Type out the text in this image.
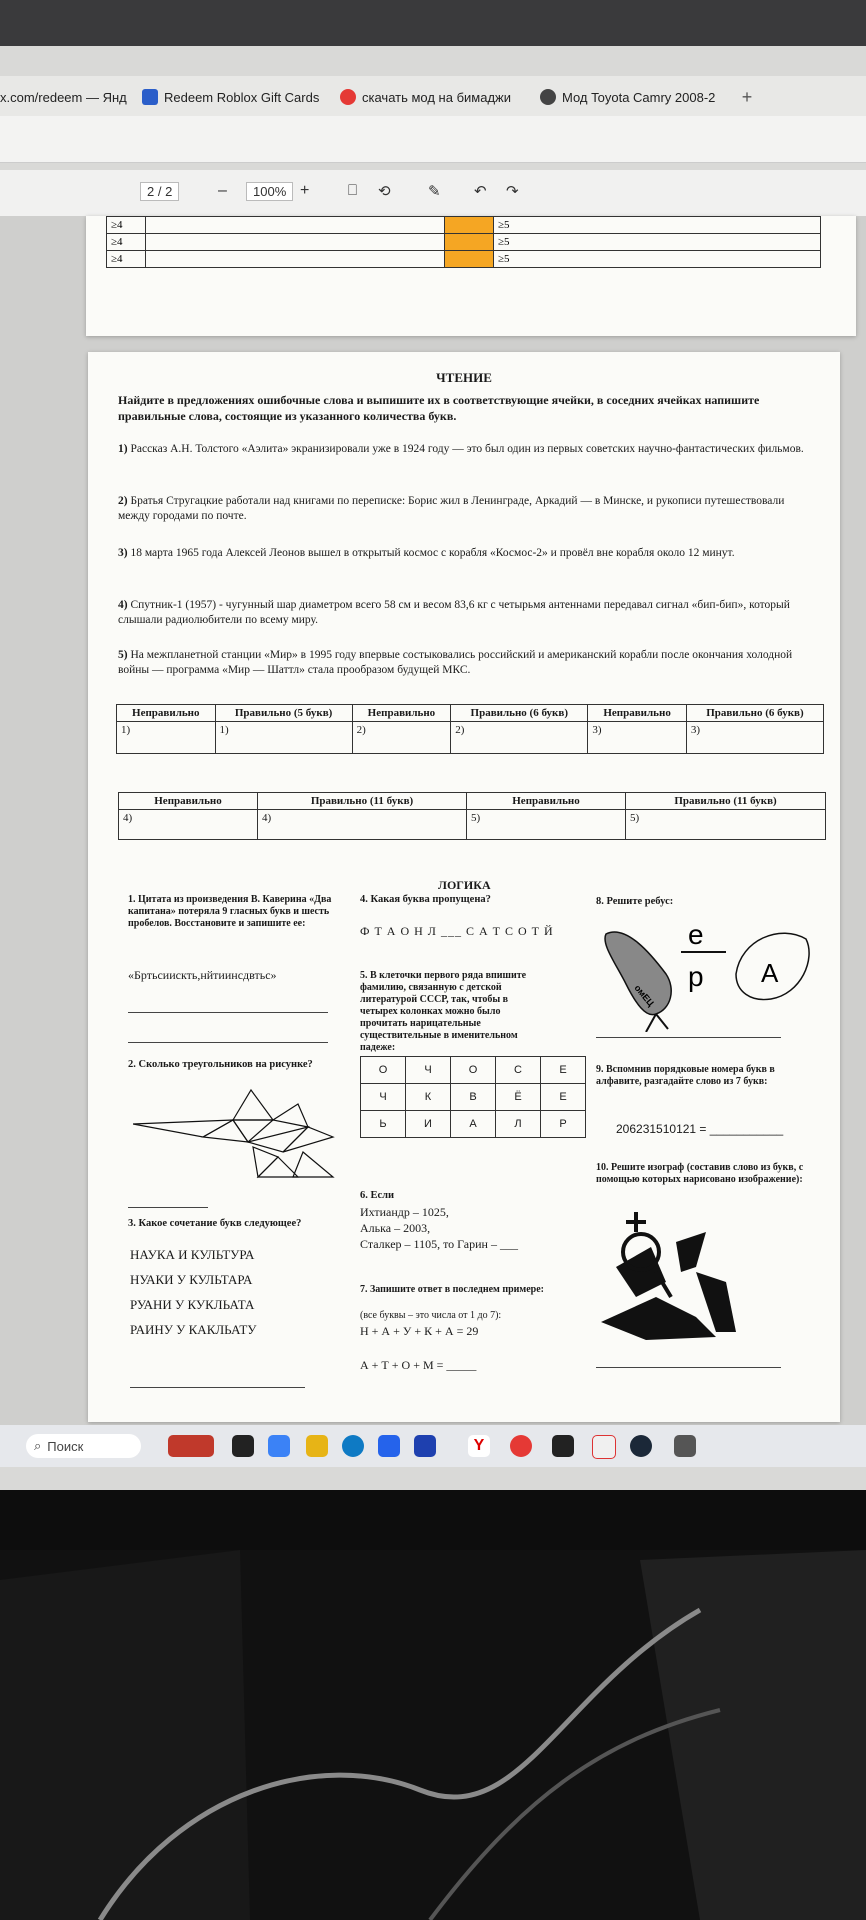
x.com/redeem — Янд	Redeem Roblox Gift Cards	скачать мод на бимаджи	Мод Toyota Camry 2008-2	+
2 / 2	–	100% +	⎕ ⟲ ✎ ↶ ↷
≥4			≥5
≥4			≥5
≥4			≥5
ЧТЕНИЕ
Найдите в предложениях ошибочные слова и выпишите их в соответствующие ячейки, в соседних ячейках напишите правильные слова, состоящие из указанного количества букв.
1) Рассказ А.Н. Толстого «Аэлита» экранизировали уже в 1924 году — это был один из первых советских научно-фантастических фильмов.
2) Братья Стругацкие работали над книгами по переписке: Борис жил в Ленинграде, Аркадий — в Минске, и рукописи путешествовали между городами по почте.
3) 18 марта 1965 года Алексей Леонов вышел в открытый космос с корабля «Космос-2» и провёл вне корабля около 12 минут.
4) Спутник-1 (1957) - чугунный шар диаметром всего 58 см и весом 83,6 кг с четырьмя антеннами передавал сигнал «бип-бип», который слышали радиолюбители по всему миру.
5) На межпланетной станции «Мир» в 1995 году впервые состыковались российский и американский корабли после окончания холодной войны — программа «Мир — Шаттл» стала прообразом будущей МКС.
Неправильно	Правильно (5 букв)	Неправильно	Правильно (6 букв)	Неправильно	Правильно (6 букв)
1)	1)	2)	2)	3)	3)
Неправильно	Правильно (11 букв)	Неправильно	Правильно (11 букв)
4)	4)	5)	5)
ЛОГИКА
1. Цитата из произведения В. Каверина «Два капитана» потеряла 9 гласных букв и шесть пробелов. Восстановите и запишите ее:
«Бртьсиискть,нйтиинсдвтьс»
2. Сколько треугольников на рисунке?
3. Какое сочетание букв следующее?
НАУКА И КУЛЬТУРА
НУАКИ У КУЛЬТАРА
РУАНИ У КУКЛЬАТА
РАИНУ У КАКЛЬАТУ
4. Какая буква пропущена?
Ф Т А О Н Л ___ С А Т С О Т Й
5. В клеточки первого ряда впишите фамилию, связанную с детской литературой СССР, так, чтобы в четырех колонках можно было прочитать нарицательные существительные в именительном падеже:
О	Ч	О	С	Е
Ч	К	В	Ё	Е
Ь	И	А	Л	Р
6. Если
Ихтиандр – 1025,
Алька – 2003,
Сталкер – 1105, то Гарин – ___
7. Запишите ответ в последнем примере:
(все буквы – это числа от 1 до 7):
Н + А + У + К + А = 29
А + Т + О + М = _____
8. Решите ребус:
омЕЦ
е
р А
9. Вспомнив порядковые номера букв в алфавите, разгадайте слово из 7 букв:
206231510121 = ___________
10. Решите изограф (составив слово из букв, с помощью которых нарисовано изображение):
⌕ Поиск	Y
